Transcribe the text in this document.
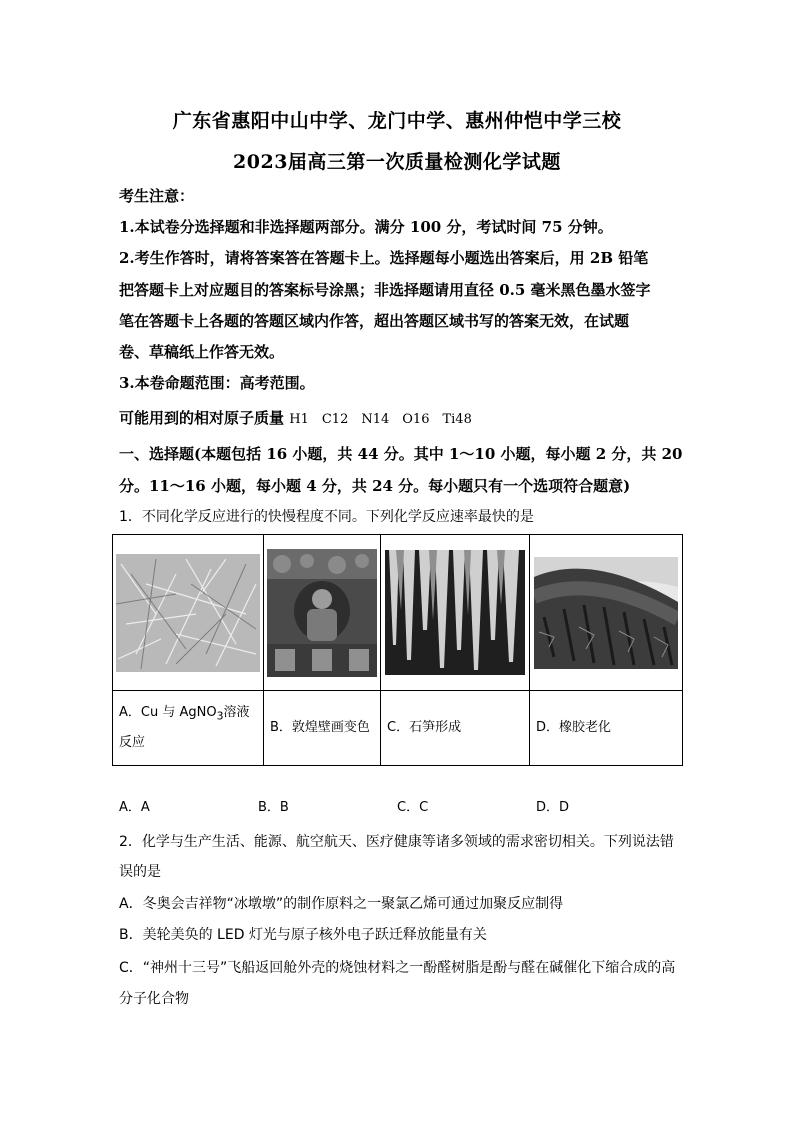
广东省惠阳中山中学、龙门中学、惠州仲恺中学三校
2023届高三第一次质量检测化学试题
考生注意：
1.本试卷分选择题和非选择题两部分。满分 100 分，考试时间 75 分钟。
2.考生作答时，请将答案答在答题卡上。选择题每小题选出答案后，用 2B 铅笔
把答题卡上对应题目的答案标号涂黑；非选择题请用直径 0.5 毫米黑色墨水签字
笔在答题卡上各题的答题区域内作答，超出答题区域书写的答案无效，在试题
卷、草稿纸上作答无效。
3.本卷命题范围：高考范围。
可能用到的相对原子质量 H1　C12　N14　O16　Ti48
一、选择题(本题包括 16 小题，共 44 分。其中 1～10 小题，每小题 2 分，共 20
分。11～16 小题，每小题 4 分，共 24 分。每小题只有一个选项符合题意)
1．不同化学反应进行的快慢程度不同。下列化学反应速率最快的是

A．Cu 与 AgNO$_3$溶液
反应	B．敦煌壁画变色	C．石笋形成	D．橡胶老化
A．A	B．B	C．C	D．D
2．化学与生产生活、能源、航空航天、医疗健康等诸多领域的需求密切相关。下列说法错
误的是
A．冬奥会吉祥物“冰墩墩”的制作原料之一聚氯乙烯可通过加聚反应制得
B．美轮美奂的 LED 灯光与原子核外电子跃迁释放能量有关
C．“神州十三号”飞船返回舱外壳的烧蚀材料之一酚醛树脂是酚与醛在碱催化下缩合成的高
分子化合物
